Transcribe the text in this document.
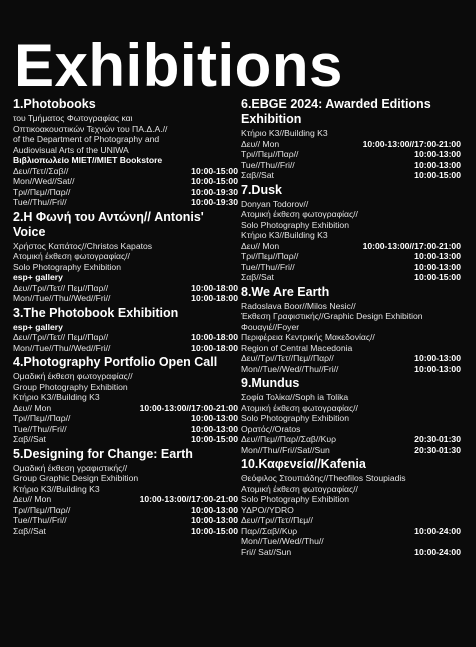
Exhibitions
1.Photobooks
του Τμήματος Φωτογραφίας και
Οπτικοακουστικών Τεχνών του ΠΑ.Δ.Α.//
of the Department of Photography and
Audiovisual Arts of the UNIWA
Βιβλιοπωλείο ΜΙΕΤ//MIET Bookstore
Δευ//Τετ//Σαβ//	10:00-15:00
Mon//Wed//Sat//	10:00-15:00
Τρι//Πεμ//Παρ//	10:00-19:30
Tue//Thu//Fri//	10:00-19:30
2.Η Φωνή του Αντώνη// Antonis' Voice
Χρήστος Καπάτος//Christos Kapatos
Ατομική έκθεση φωτογραφίας//
Solo Photography Exhibition
esp+ gallery
Δευ//Τρι//Τετ// Πεμ//Παρ//	10:00-18:00
Mon//Tue//Thu//Wed//Fri//	10:00-18:00
3.The Photobook Exhibition
esp+ gallery
Δευ//Τρι//Τετ// Πεμ//Παρ//	10:00-18:00
Mon//Tue//Thu//Wed//Fri//	10:00-18:00
4.Photography Portfolio Open Call
Ομαδική έκθεση φωτογραφίας//
Group Photography Exhibition
Κτήριο Κ3//Building K3
Δευ// Mon	10:00-13:00//17:00-21:00
Τρι//Πεμ//Παρ//	10:00-13:00
Tue//Thu//Fri//	10:00-13:00
Σαβ//Sat	10:00-15:00
5.Designing for Change: Earth
Ομαδική έκθεση γραφιστικής//
Group Graphic Design Exhibition
Κτήριο Κ3//Building K3
Δευ// Mon	10:00-13:00//17:00-21:00
Τρι//Πεμ//Παρ//	10:00-13:00
Tue//Thu//Fri//	10:00-13:00
Σαβ//Sat	10:00-15:00
6.EBGE 2024: Awarded Editions Exhibition
Κτήριο Κ3//Building K3
Δευ// Mon	10:00-13:00//17:00-21:00
Τρι//Πεμ//Παρ//	10:00-13:00
Tue//Thu//Fri//	10:00-13:00
Σαβ//Sat	10:00-15:00
7.Dusk
Donyan Todorov//
Ατομική έκθεση φωτογραφίας//
Solo Photography Exhibition
Κτήριο Κ3//Building K3
Δευ// Mon	10:00-13:00//17:00-21:00
Τρι//Πεμ//Παρ//	10:00-13:00
Tue//Thu//Fri//	10:00-13:00
Σαβ//Sat	10:00-15:00
8.We Are Earth
Radoslava Boor//Milos Nesic//
Έκθεση Γραφιστικής//Graphic Design Exhibition
Φουαγιέ//Foyer
Περιφέρεια Κεντρικής Μακεδονίας//
Region of Central Macedonia
Δευ//Τρι//Τετ//Πεμ//Παρ//	10:00-13:00
Mon//Tue//Wed//Thu//Fri//	10:00-13:00
9.Mundus
Σοφία Τολίκα//Soph ia Tolika
Ατομική έκθεση φωτογραφίας//
Solo Photography Exhibition
Ορατός//Oratos
Δευ//Πεμ//Παρ//Σαβ//Κυρ	20:30-01:30
Mon//Thu//Fri//Sat//Sun	20:30-01:30
10.Καφενεία//Kafenia
Θεόφιλος Στουπιάδης//Theofilos Stoupiadis
Ατομική έκθεση φωτογραφίας//
Solo Photography Exhibition
ΥΔΡΟ//YDRO
Δευ//Τρι//Τετ//Πεμ//
Παρ//Σαβ//Κυρ	10:00-24:00
Mon//Tue//Wed//Thu//
Fri// Sat//Sun	10:00-24:00
